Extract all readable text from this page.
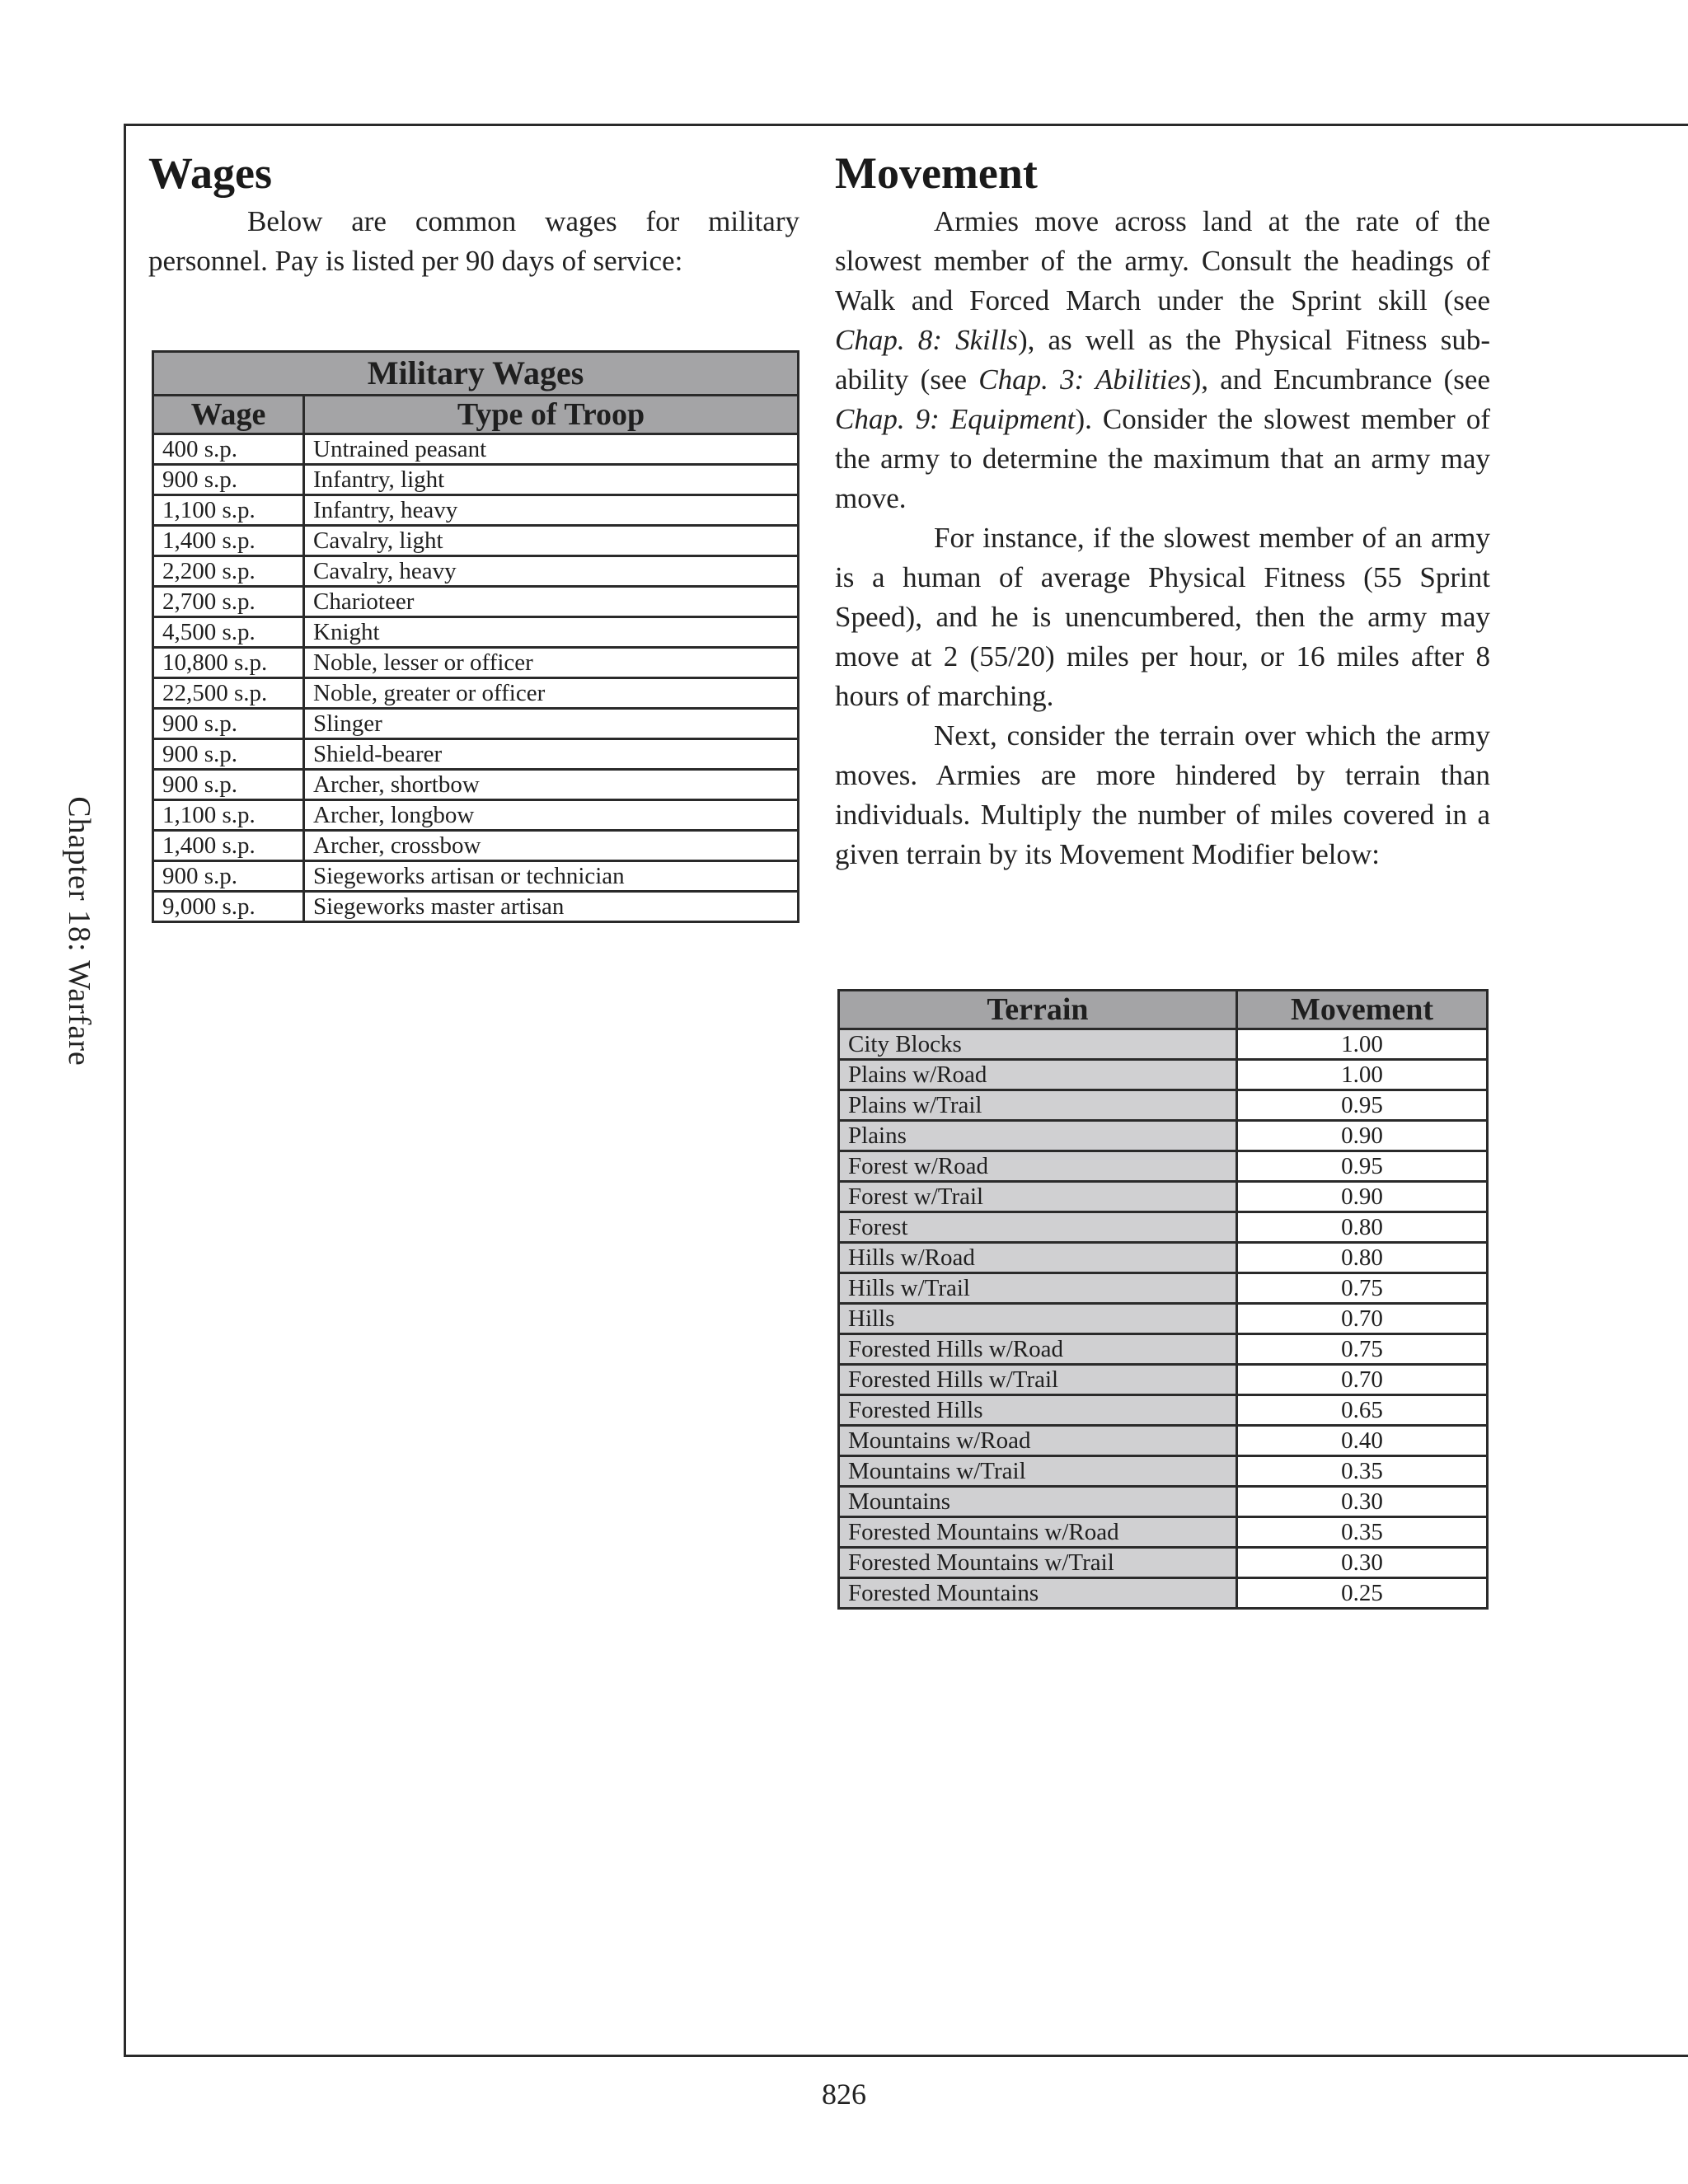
Chapter 18: Warfare
Wages

Below are common wages for military personnel. Pay is listed per 90 days of service:

Military Wages	
Wage	Type of Troop
400 s.p.	Untrained peasant
900 s.p.	Infantry, light
1,100 s.p.	Infantry, heavy
1,400 s.p.	Cavalry, light
2,200 s.p.	Cavalry, heavy
2,700 s.p.	Charioteer
4,500 s.p.	Knight
10,800 s.p.	Noble, lesser or officer
22,500 s.p.	Noble, greater or officer
900 s.p.	Slinger
900 s.p.	Shield-bearer
900 s.p.	Archer, shortbow
1,100 s.p.	Archer, longbow
1,400 s.p.	Archer, crossbow
900 s.p.	Siegeworks artisan or technician
9,000 s.p.	Siegeworks master artisan
Movement

Armies move across land at the rate of the slowest member of the army. Consult the headings of Walk and Forced March under the Sprint skill (see Chap. 8: Skills), as well as the Physical Fitness sub-ability (see Chap. 3: Abilities), and Encumbrance (see Chap. 9: Equipment). Consider the slowest member of the army to determine the maximum that an army may move.

For instance, if the slowest member of an army is a human of average Physical Fitness (55 Sprint Speed), and he is unencumbered, then the army may move at 2 (55/20) miles per hour, or 16 miles after 8 hours of marching.

Next, consider the terrain over which the army moves. Armies are more hindered by terrain than individuals. Multiply the number of miles covered in a given terrain by its Movement Modifier below:

Terrain	Movement
City Blocks	1.00
Plains w/Road	1.00
Plains w/Trail	0.95
Plains	0.90
Forest w/Road	0.95
Forest w/Trail	0.90
Forest	0.80
Hills w/Road	0.80
Hills w/Trail	0.75
Hills	0.70
Forested Hills w/Road	0.75
Forested Hills w/Trail	0.70
Forested Hills	0.65
Mountains w/Road	0.40
Mountains w/Trail	0.35
Mountains	0.30
Forested Mountains w/Road	0.35
Forested Mountains w/Trail	0.30
Forested Mountains	0.25
826
